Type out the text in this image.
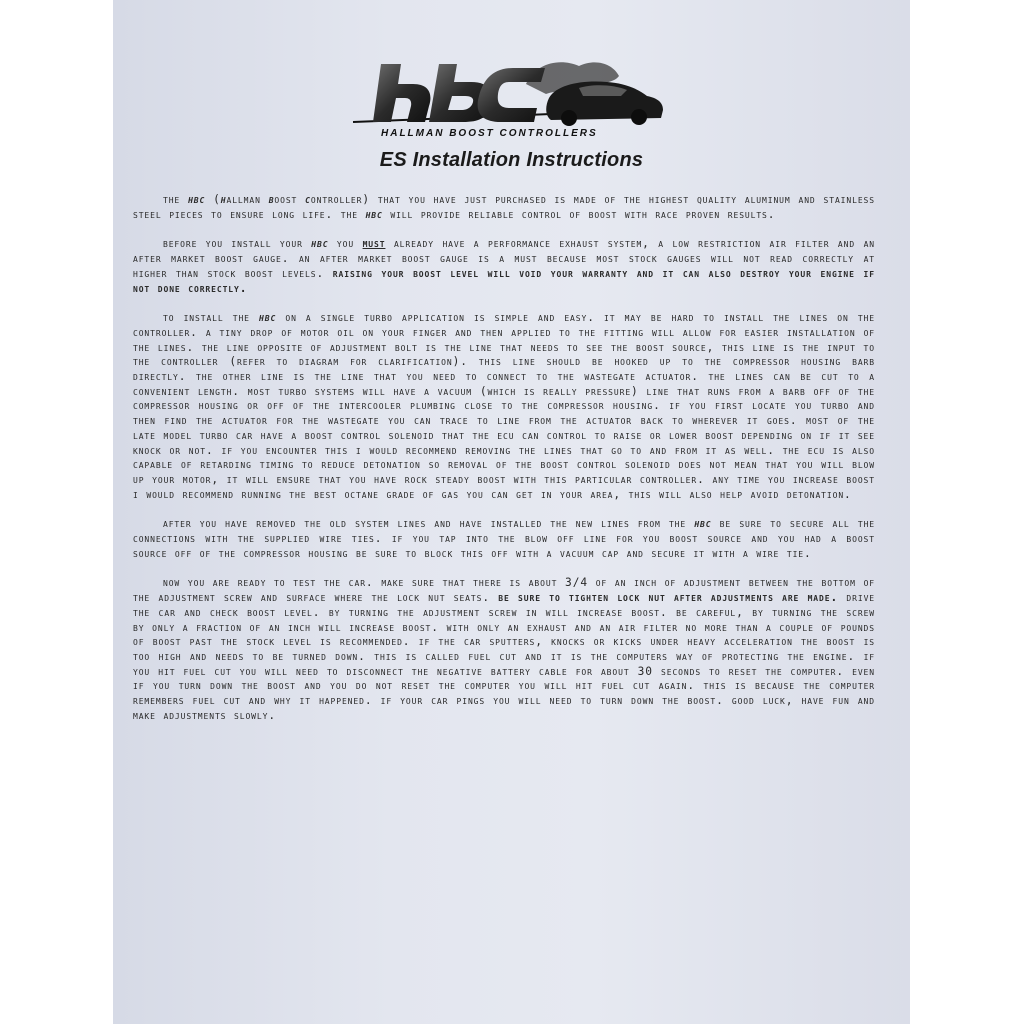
HALLMAN BOOST CONTROLLERS
ES Installation Instructions

the hbc (hallman boost controller) that you have just purchased is made of the highest quality aluminum and stainless steel pieces to ensure long life. the hbc will provide reliable control of boost with race proven results.

before you install your hbc you must already have a performance exhaust system, a low restriction air filter and an after market boost gauge. an after market boost gauge is a must because most stock gauges will not read correctly at higher than stock boost levels. raising your boost level will void your warranty and it can also destroy your engine if not done correctly.

to install the hbc on a single turbo application is simple and easy. it may be hard to install the lines on the controller. a tiny drop of motor oil on your finger and then applied to the fitting will allow for easier installation of the lines. the line opposite of adjustment bolt is the line that needs to see the boost source, this line is the input to the controller (refer to diagram for clarification). this line should be hooked up to the compressor housing barb directly. the other line is the line that you need to connect to the wastegate actuator. the lines can be cut to a convenient length. most turbo systems will have a vacuum (which is really pressure) line that runs from a barb off of the compressor housing or off of the intercooler plumbing close to the compressor housing. if you first locate you turbo and then find the actuator for the wastegate you can trace to line from the actuator back to wherever it goes. most of the late model turbo car have a boost control solenoid that the ecu can control to raise or lower boost depending on if it see knock or not. if you encounter this i would recommend removing the lines that go to and from it as well. the ecu is also capable of retarding timing to reduce detonation so removal of the boost control solenoid does not mean that you will blow up your motor, it will ensure that you have rock steady boost with this particular controller. any time you increase boost i would recommend running the best octane grade of gas you can get in your area, this will also help avoid detonation.

after you have removed the old system lines and have installed the new lines from the hbc be sure to secure all the connections with the supplied wire ties. if you tap into the blow off line for you boost source and you had a boost source off of the compressor housing be sure to block this off with a vacuum cap and secure it with a wire tie.

now you are ready to test the car. make sure that there is about 3/4 of an inch of adjustment between the bottom of the adjustment screw and surface where the lock nut seats. be sure to tighten lock nut after adjustments are made. drive the car and check boost level. by turning the adjustment screw in will increase boost. be careful, by turning the screw by only a fraction of an inch will increase boost. with only an exhaust and an air filter no more than a couple of pounds of boost past the stock level is recommended. if the car sputters, knocks or kicks under heavy acceleration the boost is too high and needs to be turned down. this is called fuel cut and it is the computers way of protecting the engine. if you hit fuel cut you will need to disconnect the negative battery cable for about 30 seconds to reset the computer. even if you turn down the boost and you do not reset the computer you will hit fuel cut again. this is because the computer remembers fuel cut and why it happened. if your car pings you will need to turn down the boost. good luck, have fun and make adjustments slowly.
